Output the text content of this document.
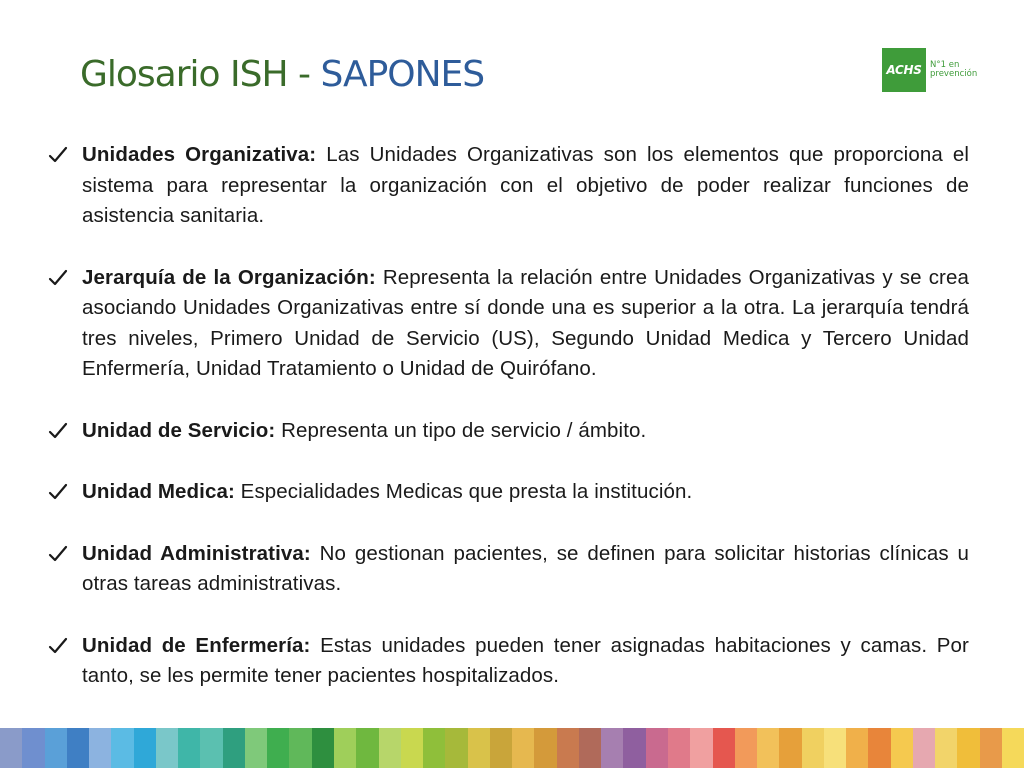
Glosario ISH - SAPONES	ACHS N°1 en prevención
Unidades Organizativa: Las Unidades Organizativas son los elementos que proporciona el sistema para representar la organización con el objetivo de poder realizar funciones de asistencia sanitaria.
Jerarquía de la Organización: Representa la relación entre Unidades Organizativas y se crea asociando Unidades Organizativas entre sí donde una es superior a la otra. La jerarquía tendrá tres niveles, Primero Unidad de Servicio (US), Segundo Unidad Medica y Tercero Unidad Enfermería, Unidad Tratamiento o Unidad de Quirófano.
Unidad de Servicio: Representa un tipo de servicio / ámbito.
Unidad Medica: Especialidades Medicas que presta la institución.
Unidad Administrativa: No gestionan pacientes, se definen para solicitar historias clínicas u otras tareas administrativas.
Unidad de Enfermería: Estas unidades pueden tener asignadas habitaciones y camas. Por tanto, se les permite tener pacientes hospitalizados.
